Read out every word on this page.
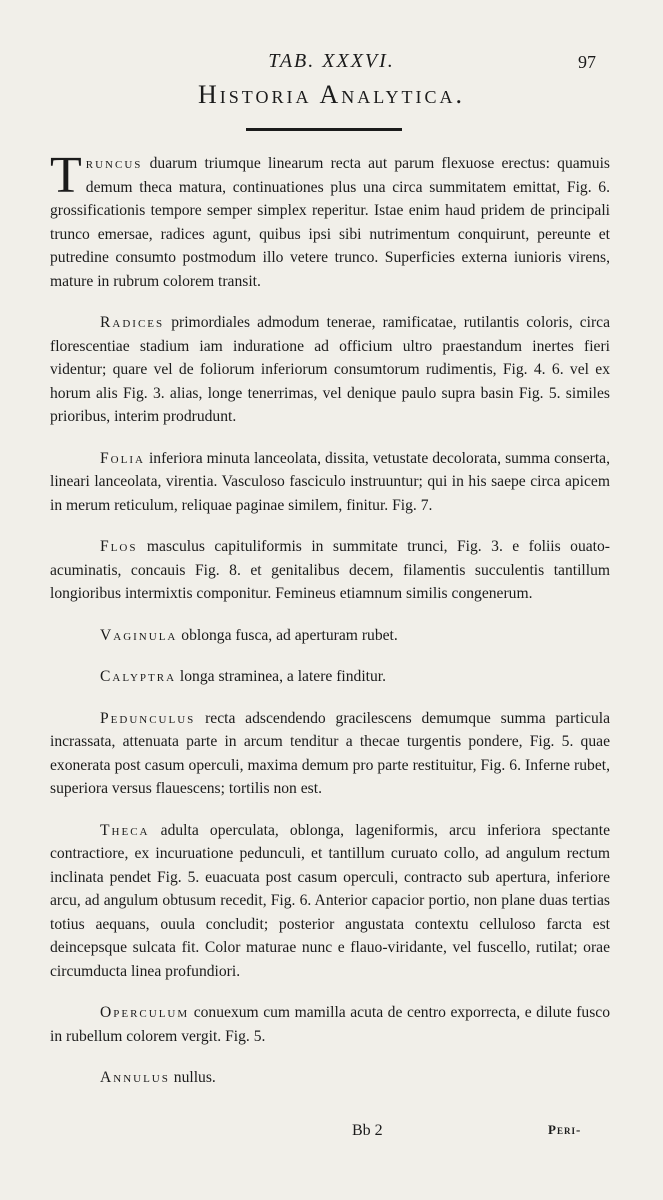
TAB. XXXVI.	97
Historia Analytica.

Truncus duarum triumque linearum recta aut parum flexuose erectus: quamuis demum theca matura, continuationes plus una circa summitatem emittat, Fig. 6. grossificationis tempore semper simplex reperitur. Istae enim haud pridem de principali trunco emersae, radices agunt, quibus ipsi sibi nutrimentum conquirunt, pereunte et putredine consumto postmodum illo vetere trunco. Superficies externa iunioris virens, mature in rubrum colorem transit.

Radices primordiales admodum tenerae, ramificatae, rutilantis coloris, circa florescentiae stadium iam induratione ad officium ultro praestandum inertes fieri videntur; quare vel de foliorum inferiorum consumtorum rudimentis, Fig. 4. 6. vel ex horum alis Fig. 3. alias, longe tenerrimas, vel denique paulo supra basin Fig. 5. similes prioribus, interim prodrudunt.

Folia inferiora minuta lanceolata, dissita, vetustate decolorata, summa conserta, lineari lanceolata, virentia. Vasculoso fasciculo instruuntur; qui in his saepe circa apicem in merum reticulum, reliquae paginae similem, finitur. Fig. 7.

Flos masculus capituliformis in summitate trunci, Fig. 3. e foliis ouato-acuminatis, concauis Fig. 8. et genitalibus decem, filamentis succulentis tantillum longioribus intermixtis componitur. Femineus etiamnum similis congenerum.

Vaginula oblonga fusca, ad aperturam rubet.

Calyptra longa straminea, a latere finditur.

Pedunculus recta adscendendo gracilescens demumque summa particula incrassata, attenuata parte in arcum tenditur a thecae turgentis pondere, Fig. 5. quae exonerata post casum operculi, maxima demum pro parte restituitur, Fig. 6. Inferne rubet, superiora versus flauescens; tortilis non est.

Theca adulta operculata, oblonga, lageniformis, arcu inferiora spectante contractiore, ex incuruatione pedunculi, et tantillum curuato collo, ad angulum rectum inclinata pendet Fig. 5. euacuata post casum operculi, contracto sub apertura, inferiore arcu, ad angulum obtusum recedit, Fig. 6. Anterior capacior portio, non plane duas tertias totius aequans, ouula concludit; posterior angustata contextu celluloso farcta est deincepsque sulcata fit. Color maturae nunc e flauo-viridante, vel fuscello, rutilat; orae circumducta linea profundiori.

Operculum conuexum cum mamilla acuta de centro exporrecta, e dilute fusco in rubellum colorem vergit. Fig. 5.

Annulus nullus.

Bb 2	Peri-
